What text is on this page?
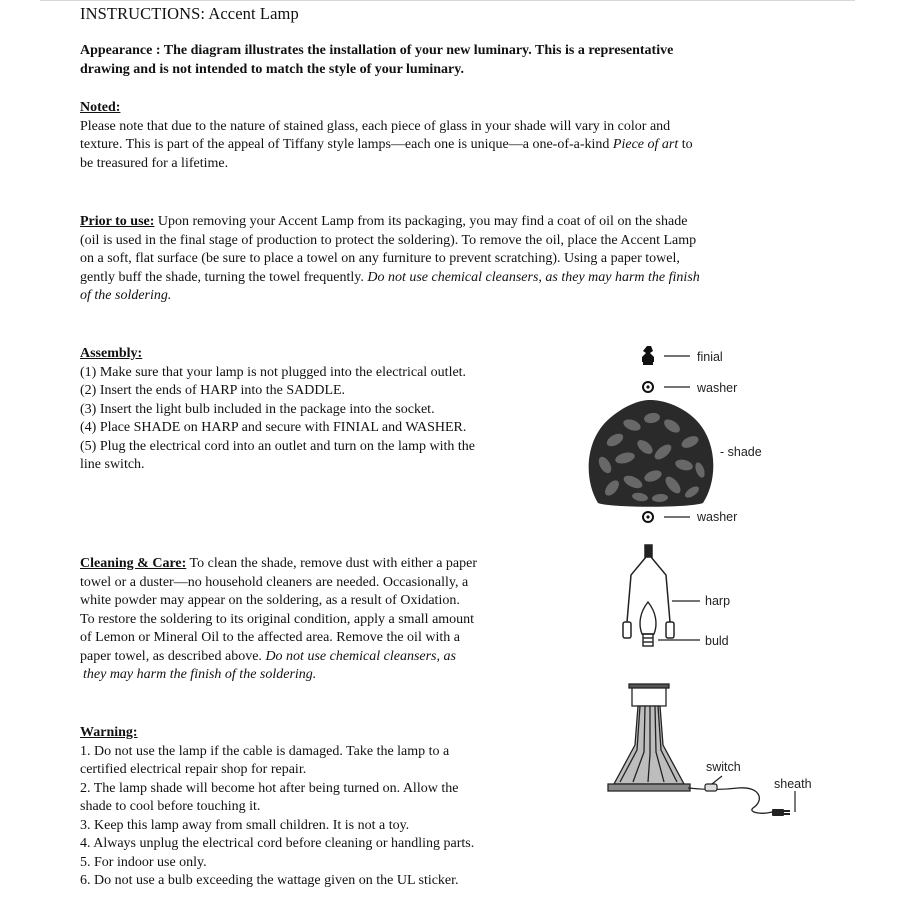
INSTRUCTIONS: Accent Lamp

Appearance : The diagram illustrates the installation of your new luminary. This is a representative

drawing and is not intended to match the style of your luminary.

Noted:

Please note that due to the nature of stained glass, each piece of glass in your shade will vary in color and

texture. This is part of the appeal of Tiffany style lamps—each one is unique—a one-of-a-kind Piece of art to

be treasured for a lifetime.

Prior to use: Upon removing your Accent Lamp from its packaging, you may find a coat of oil on the shade

(oil is used in the final stage of production to protect the soldering). To remove the oil, place the Accent Lamp

on a soft, flat surface (be sure to place a towel on any furniture to prevent scratching). Using a paper towel,

gently buff the shade, turning the towel frequently. Do not use chemical cleansers, as they may harm the finish

of the soldering.

Assembly:

(1) Make sure that your lamp is not plugged into the electrical outlet.

(2) Insert the ends of HARP into the SADDLE.

(3) Insert the light bulb included in the package into the socket.

(4) Place SHADE on HARP and secure with FINIAL and WASHER.

(5) Plug the electrical cord into an outlet and turn on the lamp with the

line switch.

Cleaning & Care: To clean the shade, remove dust with either a paper

towel or a duster—no household cleaners are needed. Occasionally, a

white powder may appear on the soldering, as a result of Oxidation.

To restore the soldering to its original condition, apply a small amount

of Lemon or Mineral Oil to the affected area. Remove the oil with a

paper towel, as described above. Do not use chemical cleansers, as

they may harm the finish of the soldering.

Warning:

1. Do not use the lamp if the cable is damaged. Take the lamp to a

certified electrical repair shop for repair.

2. The lamp shade will become hot after being turned on. Allow the

shade to cool before touching it.

3. Keep this lamp away from small children. It is not a toy.

4. Always unplug the electrical cord before cleaning or handling parts.

5. For indoor use only.

6. Do not use a bulb exceeding the wattage given on the UL sticker.

finial
washer
- shade
washer
harp
buld
switch
sheath
